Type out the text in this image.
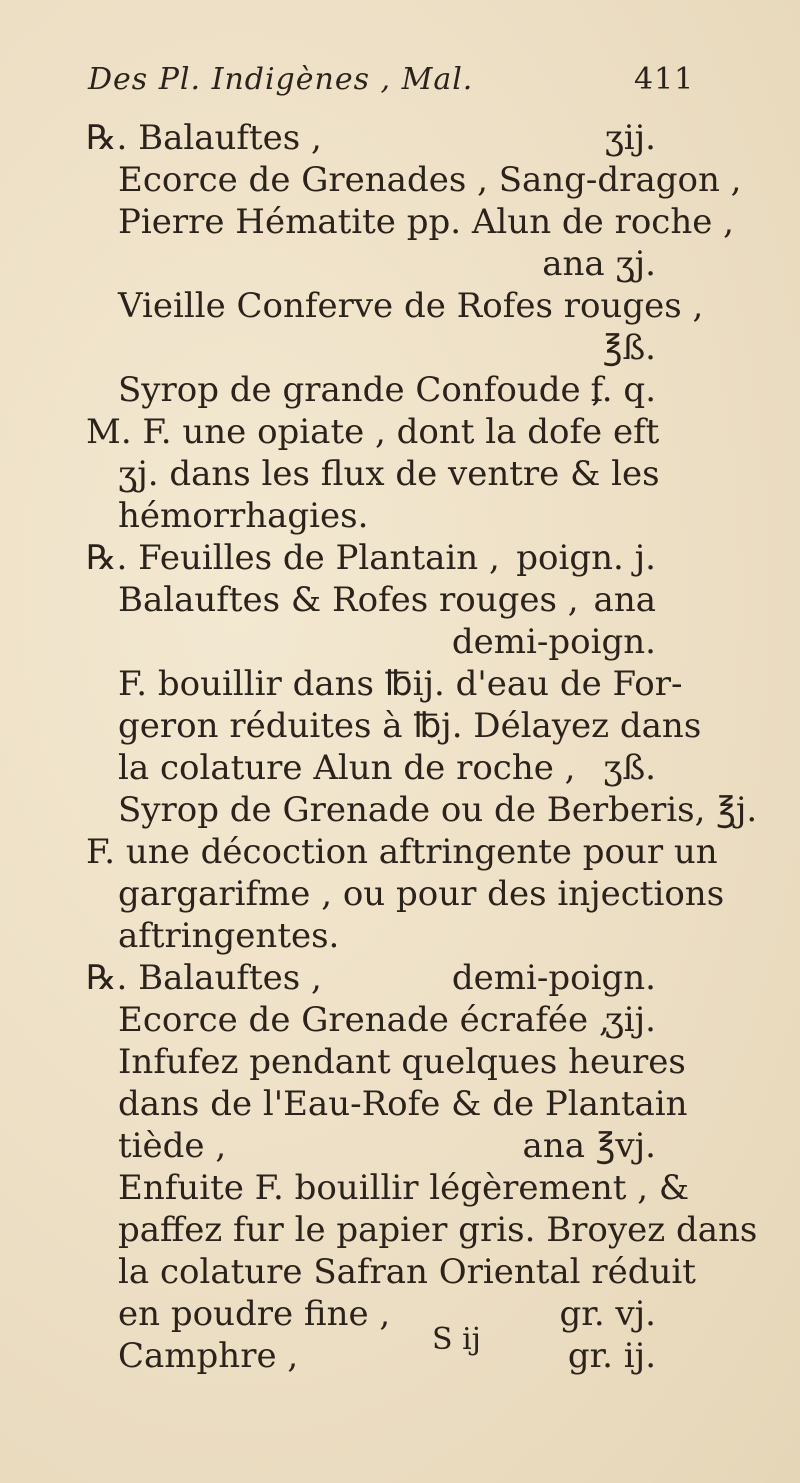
Des Pl. Indigènes , Mal.	411
℞. Balauftes ,	ʒij.
Ecorce de Grenades , Sang-dragon ,
Pierre Hématite pp. Alun de roche ,
ana ʒj.
Vieille Conferve de Rofes rouges ,
℥ß.
Syrop de grande Confoude ,
f. q.
M. F. une opiate , dont la dofe eft
ʒj. dans les flux de ventre & les
hémorrhagies.
℞. Feuilles de Plantain , poign. j.
Balauftes & Rofes rouges , ana
demi-poign.
F. bouillir dans ℔ij. d'eau de For-
geron réduites à ℔j. Délayez dans
la colature Alun de roche , ʒß.
Syrop de Grenade ou de Berberis, ℥j.
F. une décoction aftringente pour un
gargarifme , ou pour des injections
aftringentes.
℞. Balauftes ,	demi-poign.
Ecorce de Grenade écrafée ,
ʒij.
Infufez pendant quelques heures
dans de l'Eau-Rofe & de Plantain
tiède ,	ana ℥vj.
Enfuite F. bouillir légèrement , &
paffez fur le papier gris. Broyez dans
la colature Safran Oriental réduit
en poudre fine ,	gr. vj.
Camphre ,	gr. ij.
S ij
